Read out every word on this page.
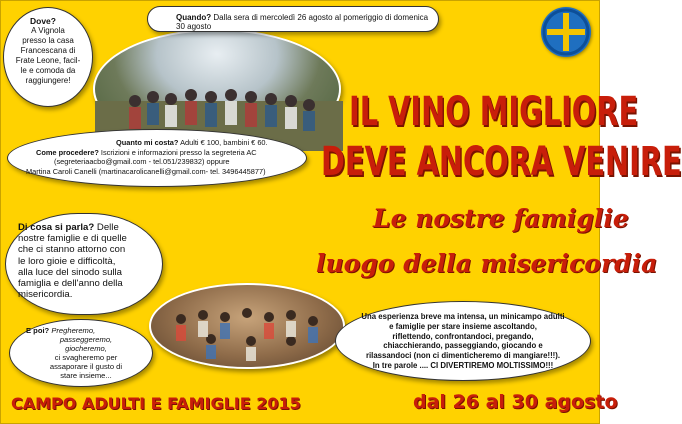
Quando? Dalla sera di mercoledì 26 agosto al pomeriggio di domenica 30 agosto
Dove?
A Vignola
presso la casa
Francescana di
Frate Leone, facil-
le e comoda da
raggiungere!
Quanto mi costa? Adulti € 100, bambini € 60.
Come procedere? Iscrizioni e informazioni presso la segreteria AC
(segreteriaacbo@gmail.com - tel.051/239832) oppure
Martina Caroli Canelli (martinacarolicanelli@gmail.com- tel. 3496445877)
IL VINO MIGLIORE
DEVE ANCORA VENIRE
Le nostre famiglie
luogo della misericordia
Di cosa si parla? Delle
nostre famiglie e di quelle
che ci stanno attorno con
le loro gioie e difficoltà,
alla luce del sinodo sulla
famiglia e dell'anno della
misericordia.
E poi? Pregheremo,
passeggeremo,
giocheremo,
ci svagheremo per
assaporare il gusto di
stare insieme...
Una esperienza breve ma intensa, un minicampo adulti
e famiglie per stare insieme ascoltando,
riflettendo, confrontandoci, pregando,
chiacchierando, passeggiando, giocando e
rilassandoci (non ci dimenticheremo di mangiare!!!).
In tre parole .... CI DIVERTIREMO MOLTISSIMO!!!
CAMPO ADULTI E FAMIGLIE 2015	dal 26 al 30 agosto
